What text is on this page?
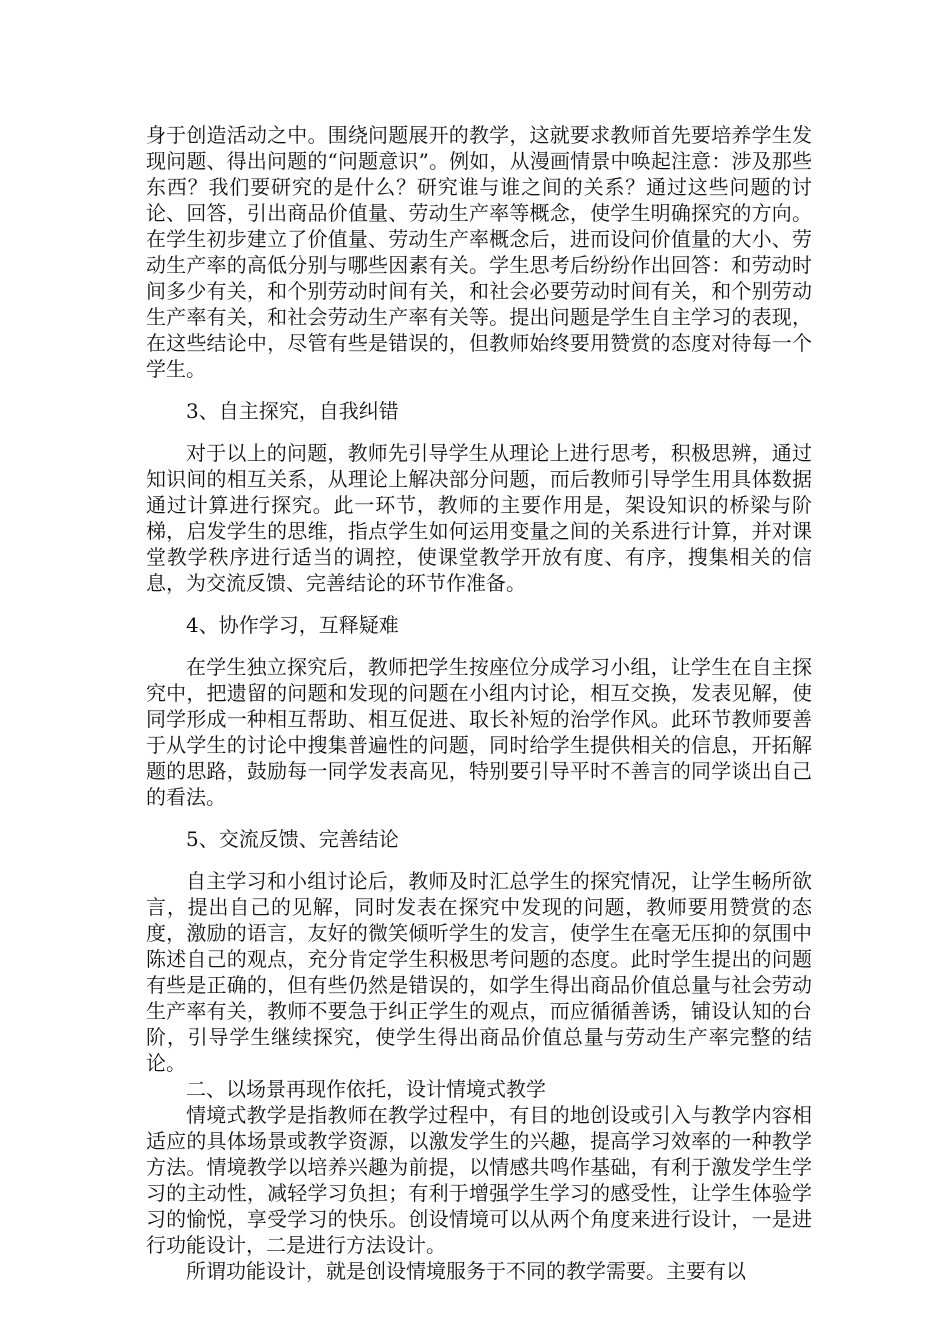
身于创造活动之中。围绕问题展开的教学，这就要求教师首先要培养学生发现问题、得出问题的“问题意识”。例如，从漫画情景中唤起注意：涉及那些东西？我们要研究的是什么？研究谁与谁之间的关系？通过这些问题的讨论、回答，引出商品价值量、劳动生产率等概念，使学生明确探究的方向。在学生初步建立了价值量、劳动生产率概念后，进而设问价值量的大小、劳动生产率的高低分别与哪些因素有关。学生思考后纷纷作出回答：和劳动时间多少有关，和个别劳动时间有关，和社会必要劳动时间有关，和个别劳动生产率有关，和社会劳动生产率有关等。提出问题是学生自主学习的表现，在这些结论中，尽管有些是错误的，但教师始终要用赞赏的态度对待每一个学生。

3、自主探究，自我纠错

对于以上的问题，教师先引导学生从理论上进行思考，积极思辨，通过知识间的相互关系，从理论上解决部分问题，而后教师引导学生用具体数据通过计算进行探究。此一环节，教师的主要作用是，架设知识的桥梁与阶梯，启发学生的思维，指点学生如何运用变量之间的关系进行计算，并对课堂教学秩序进行适当的调控，使课堂教学开放有度、有序，搜集相关的信息，为交流反馈、完善结论的环节作准备。

4、协作学习，互释疑难

在学生独立探究后，教师把学生按座位分成学习小组，让学生在自主探究中，把遗留的问题和发现的问题在小组内讨论，相互交换，发表见解，使同学形成一种相互帮助、相互促进、取长补短的治学作风。此环节教师要善于从学生的讨论中搜集普遍性的问题，同时给学生提供相关的信息，开拓解题的思路，鼓励每一同学发表高见，特别要引导平时不善言的同学谈出自己的看法。

5、交流反馈、完善结论

自主学习和小组讨论后，教师及时汇总学生的探究情况，让学生畅所欲言，提出自己的见解，同时发表在探究中发现的问题，教师要用赞赏的态度，激励的语言，友好的微笑倾听学生的发言，使学生在毫无压抑的氛围中陈述自己的观点，充分肯定学生积极思考问题的态度。此时学生提出的问题有些是正确的，但有些仍然是错误的，如学生得出商品价值总量与社会劳动生产率有关，教师不要急于纠正学生的观点，而应循循善诱，铺设认知的台阶，引导学生继续探究，使学生得出商品价值总量与劳动生产率完整的结论。

二、以场景再现作依托，设计情境式教学

情境式教学是指教师在教学过程中，有目的地创设或引入与教学内容相适应的具体场景或教学资源，以激发学生的兴趣，提高学习效率的一种教学方法。情境教学以培养兴趣为前提，以情感共鸣作基础，有利于激发学生学习的主动性，减轻学习负担；有利于增强学生学习的感受性，让学生体验学习的愉悦，享受学习的快乐。创设情境可以从两个角度来进行设计，一是进行功能设计，二是进行方法设计。

所谓功能设计，就是创设情境服务于不同的教学需要。主要有以
